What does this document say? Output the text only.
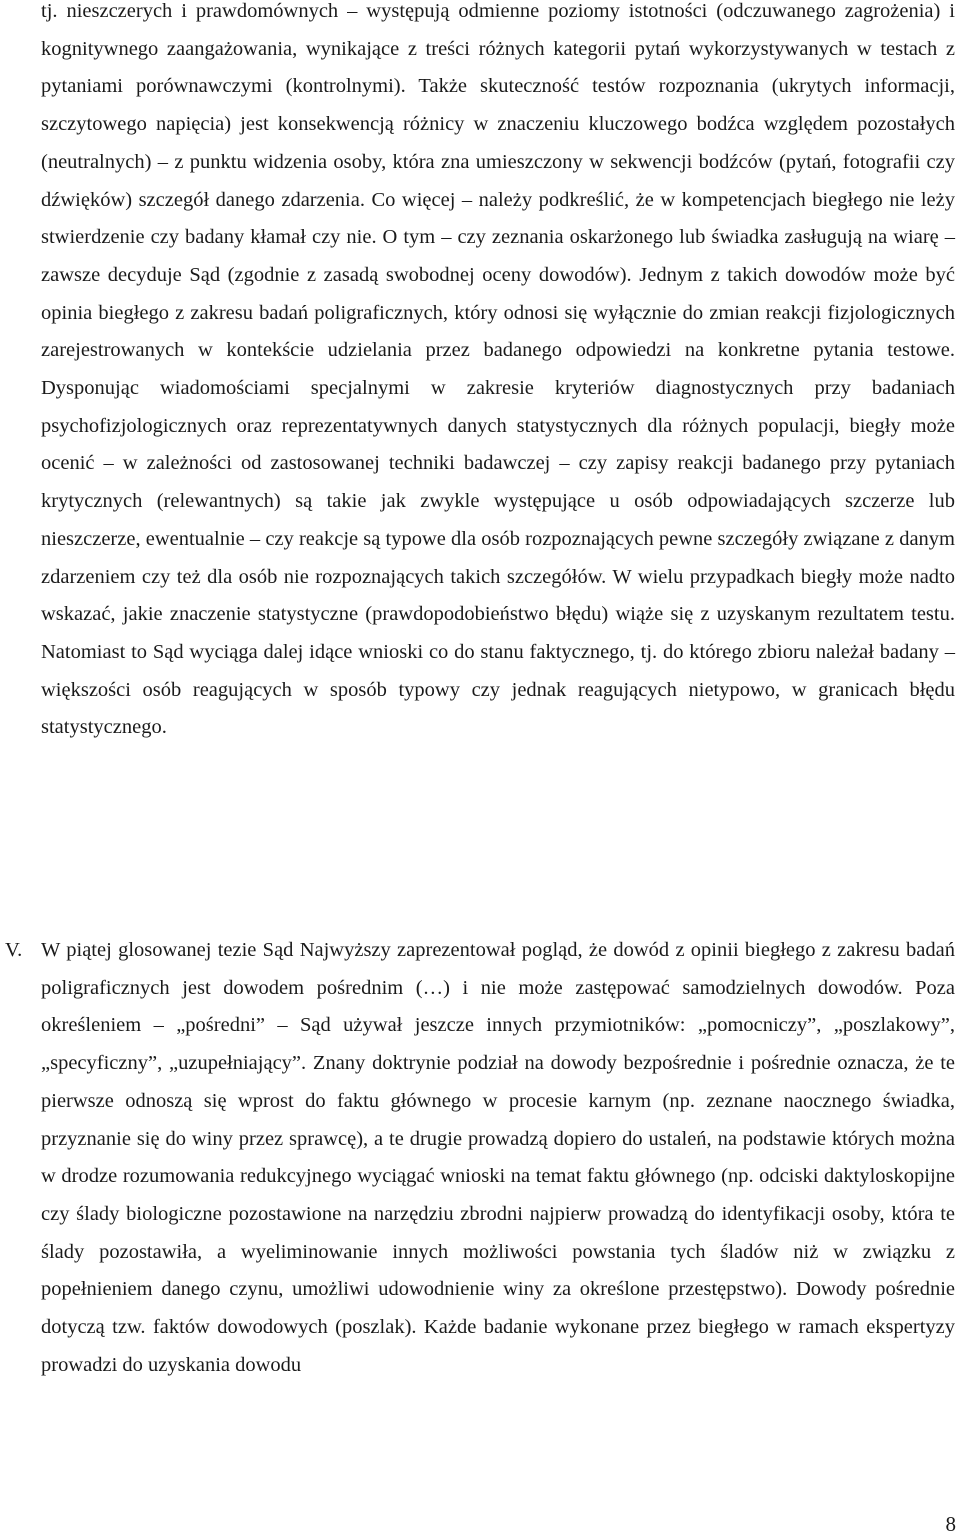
tj. nieszczerych i prawdomównych – występują odmienne poziomy istotności (odczuwanego zagrożenia) i kognitywnego zaangażowania, wynikające z treści różnych kategorii pytań wykorzystywanych w testach z pytaniami porównawczymi (kontrolnymi). Także skuteczność testów rozpoznania (ukrytych informacji, szczytowego napięcia) jest konsekwencją różnicy w znaczeniu kluczowego bodźca względem pozostałych (neutralnych) – z punktu widzenia osoby, która zna umieszczony w sekwencji bodźców (pytań, fotografii czy dźwięków) szczegół danego zdarzenia. Co więcej – należy podkreślić, że w kompetencjach biegłego nie leży stwierdzenie czy badany kłamał czy nie. O tym – czy zeznania oskarżonego lub świadka zasługują na wiarę – zawsze decyduje Sąd (zgodnie z zasadą swobodnej oceny dowodów). Jednym z takich dowodów może być opinia biegłego z zakresu badań poligraficznych, który odnosi się wyłącznie do zmian reakcji fizjologicznych zarejestrowanych w kontekście udzielania przez badanego odpowiedzi na konkretne pytania testowe. Dysponując wiadomościami specjalnymi w zakresie kryteriów diagnostycznych przy badaniach psychofizjologicznych oraz reprezentatywnych danych statystycznych dla różnych populacji, biegły może ocenić – w zależności od zastosowanej techniki badawczej – czy zapisy reakcji badanego przy pytaniach krytycznych (relewantnych) są takie jak zwykle występujące u osób odpowiadających szczerze lub nieszczerze, ewentualnie – czy reakcje są typowe dla osób rozpoznających pewne szczegóły związane z danym zdarzeniem czy też dla osób nie rozpoznających takich szczegółów. W wielu przypadkach biegły może nadto wskazać, jakie znaczenie statystyczne (prawdopodobieństwo błędu) wiąże się z uzyskanym rezultatem testu. Natomiast to Sąd wyciąga dalej idące wnioski co do stanu faktycznego, tj. do którego zbioru należał badany – większości osób reagujących w sposób typowy czy jednak reagujących nietypowo, w granicach błędu statystycznego.

V. W piątej glosowanej tezie Sąd Najwyższy zaprezentował pogląd, że dowód z opinii biegłego z zakresu badań poligraficznych jest dowodem pośrednim (…) i nie może zastępować samodzielnych dowodów. Poza określeniem – „pośredni” – Sąd używał jeszcze innych przymiotników: „pomocniczy”, „poszlakowy”, „specyficzny”, „uzupełniający”. Znany doktrynie podział na dowody bezpośrednie i pośrednie oznacza, że te pierwsze odnoszą się wprost do faktu głównego w procesie karnym (np. zeznane naocznego świadka, przyznanie się do winy przez sprawcę), a te drugie prowadzą dopiero do ustaleń, na podstawie których można w drodze rozumowania redukcyjnego wyciągać wnioski na temat faktu głównego (np. odciski daktyloskopijne czy ślady biologiczne pozostawione na narzędziu zbrodni najpierw prowadzą do identyfikacji osoby, która te ślady pozostawiła, a wyeliminowanie innych możliwości powstania tych śladów niż w związku z popełnieniem danego czynu, umożliwi udowodnienie winy za określone przestępstwo). Dowody pośrednie dotyczą tzw. faktów dowodowych (poszlak). Każde badanie wykonane przez biegłego w ramach ekspertyzy prowadzi do uzyskania dowodu

8
